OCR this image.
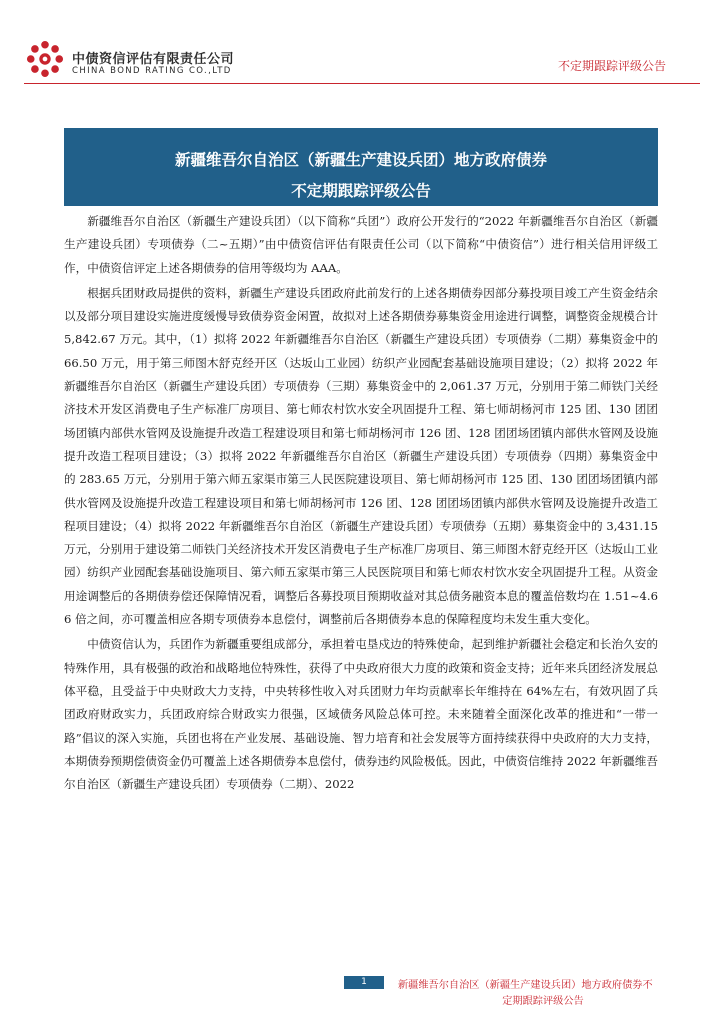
中债资信评估有限责任公司
CHINA BOND RATING CO.,LTD	不定期跟踪评级公告
新疆维吾尔自治区（新疆生产建设兵团）地方政府债券
不定期跟踪评级公告

新疆维吾尔自治区（新疆生产建设兵团）（以下简称“兵团”）政府公开发行的“2022 年新疆维吾尔自治区（新疆生产建设兵团）专项债券（二~五期）”由中债资信评估有限责任公司（以下简称“中债资信”）进行相关信用评级工作，中债资信评定上述各期债券的信用等级均为 AAA。

根据兵团财政局提供的资料，新疆生产建设兵团政府此前发行的上述各期债券因部分募投项目竣工产生资金结余以及部分项目建设实施进度缓慢导致债券资金闲置，故拟对上述各期债券募集资金用途进行调整，调整资金规模合计 5,842.67 万元。其中，（1）拟将 2022 年新疆维吾尔自治区（新疆生产建设兵团）专项债券（二期）募集资金中的 66.50 万元，用于第三师图木舒克经开区（达坂山工业园）纺织产业园配套基础设施项目建设；（2）拟将 2022 年新疆维吾尔自治区（新疆生产建设兵团）专项债券（三期）募集资金中的 2,061.37 万元，分别用于第二师铁门关经济技术开发区消费电子生产标准厂房项目、第七师农村饮水安全巩固提升工程、第七师胡杨河市 125 团、130 团团场团镇内部供水管网及设施提升改造工程建设项目和第七师胡杨河市 126 团、128 团团场团镇内部供水管网及设施提升改造工程项目建设；（3）拟将 2022 年新疆维吾尔自治区（新疆生产建设兵团）专项债券（四期）募集资金中的 283.65 万元，分别用于第六师五家渠市第三人民医院建设项目、第七师胡杨河市 125 团、130 团团场团镇内部供水管网及设施提升改造工程建设项目和第七师胡杨河市 126 团、128 团团场团镇内部供水管网及设施提升改造工程项目建设；（4）拟将 2022 年新疆维吾尔自治区（新疆生产建设兵团）专项债券（五期）募集资金中的 3,431.15 万元，分别用于建设第二师铁门关经济技术开发区消费电子生产标准厂房项目、第三师图木舒克经开区（达坂山工业园）纺织产业园配套基础设施项目、第六师五家渠市第三人民医院项目和第七师农村饮水安全巩固提升工程。从资金用途调整后的各期债券偿还保障情况看，调整后各募投项目预期收益对其总债务融资本息的覆盖倍数均在 1.51~4.66 倍之间，亦可覆盖相应各期专项债券本息偿付，调整前后各期债券本息的保障程度均未发生重大变化。

中债资信认为，兵团作为新疆重要组成部分，承担着屯垦戍边的特殊使命，起到维护新疆社会稳定和长治久安的特殊作用，具有极强的政治和战略地位特殊性，获得了中央政府很大力度的政策和资金支持；近年来兵团经济发展总体平稳，且受益于中央财政大力支持，中央转移性收入对兵团财力年均贡献率长年维持在 64%左右，有效巩固了兵团政府财政实力，兵团政府综合财政实力很强，区域债务风险总体可控。未来随着全面深化改革的推进和“一带一路”倡议的深入实施，兵团也将在产业发展、基础设施、智力培育和社会发展等方面持续获得中央政府的大力支持，本期债券预期偿债资金仍可覆盖上述各期债券本息偿付，债券违约风险极低。因此，中债资信维持 2022 年新疆维吾尔自治区（新疆生产建设兵团）专项债券（二期）、2022

1	新疆维吾尔自治区（新疆生产建设兵团）地方政府债券不
定期跟踪评级公告
